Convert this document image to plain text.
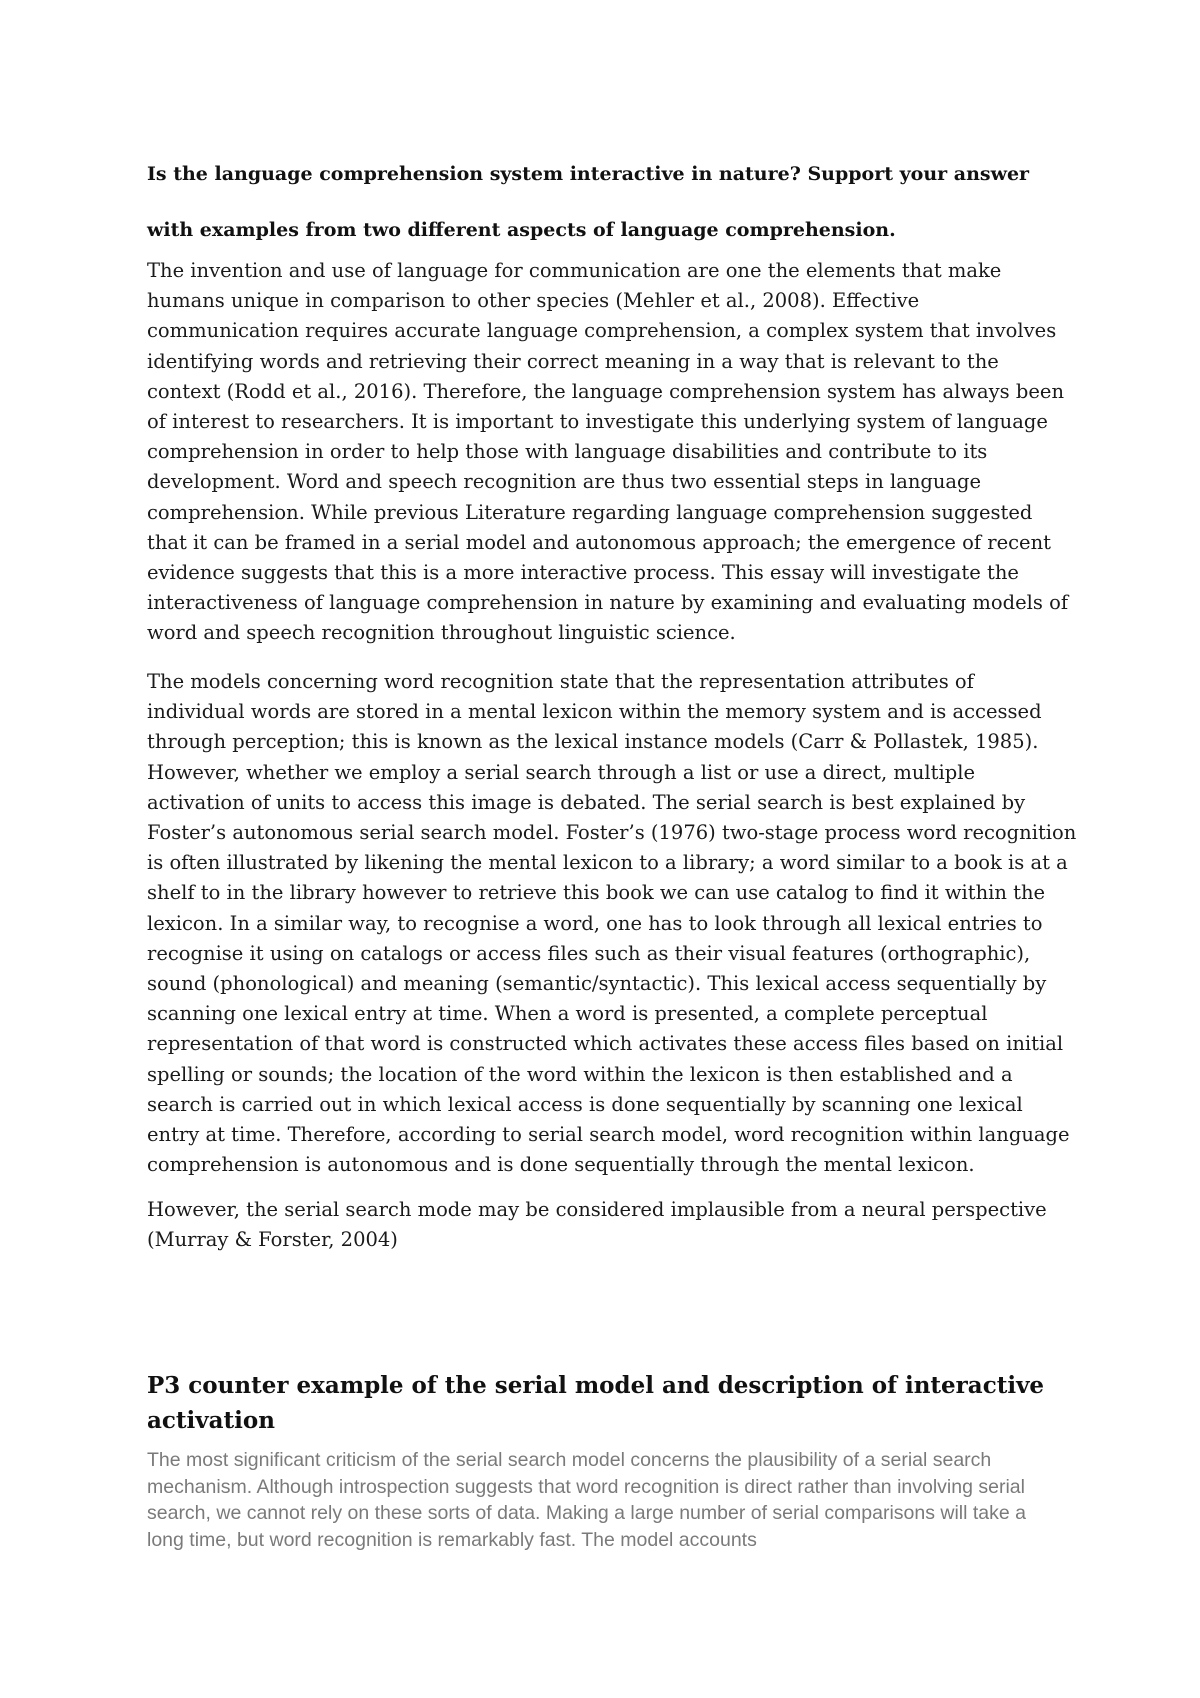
Is the language comprehension system interactive in nature? Support your answer with examples from two different aspects of language comprehension.

The invention and use of language for communication are one the elements that make humans unique in comparison to other species (Mehler et al., 2008). Effective communication requires accurate language comprehension, a complex system that involves identifying words and retrieving their correct meaning in a way that is relevant to the context (Rodd et al., 2016). Therefore, the language comprehension system has always been of interest to researchers. It is important to investigate this underlying system of language comprehension in order to help those with language disabilities and contribute to its development. Word and speech recognition are thus two essential steps in language comprehension. While previous Literature regarding language comprehension suggested that it can be framed in a serial model and autonomous approach; the emergence of recent evidence suggests that this is a more interactive process. This essay will investigate the interactiveness of language comprehension in nature by examining and evaluating models of word and speech recognition throughout linguistic science.

The models concerning word recognition state that the representation attributes of individual words are stored in a mental lexicon within the memory system and is accessed through perception; this is known as the lexical instance models (Carr & Pollastek, 1985). However, whether we employ a serial search through a list or use a direct, multiple activation of units to access this image is debated. The serial search is best explained by Foster’s autonomous serial search model. Foster’s (1976) two-stage process word recognition is often illustrated by likening the mental lexicon to a library; a word similar to a book is at a shelf to in the library however to retrieve this book we can use catalog to find it within the lexicon. In a similar way, to recognise a word, one has to look through all lexical entries to recognise it using on catalogs or access files such as their visual features (orthographic), sound (phonological) and meaning (semantic/syntactic). This lexical access sequentially by scanning one lexical entry at time. When a word is presented, a complete perceptual representation of that word is constructed which activates these access files based on initial spelling or sounds; the location of the word within the lexicon is then established and a search is carried out in which lexical access is done sequentially by scanning one lexical entry at time. Therefore, according to serial search model, word recognition within language comprehension is autonomous and is done sequentially through the mental lexicon.

However, the serial search mode may be considered implausible from a neural perspective (Murray & Forster, 2004)

P3 counter example of the serial model and description of interactive activation

The most significant criticism of the serial search model concerns the plausibility of a serial search mechanism. Although introspection suggests that word recognition is direct rather than involving serial search, we cannot rely on these sorts of data. Making a large number of serial comparisons will take a long time, but word recognition is remarkably fast. The model accounts
